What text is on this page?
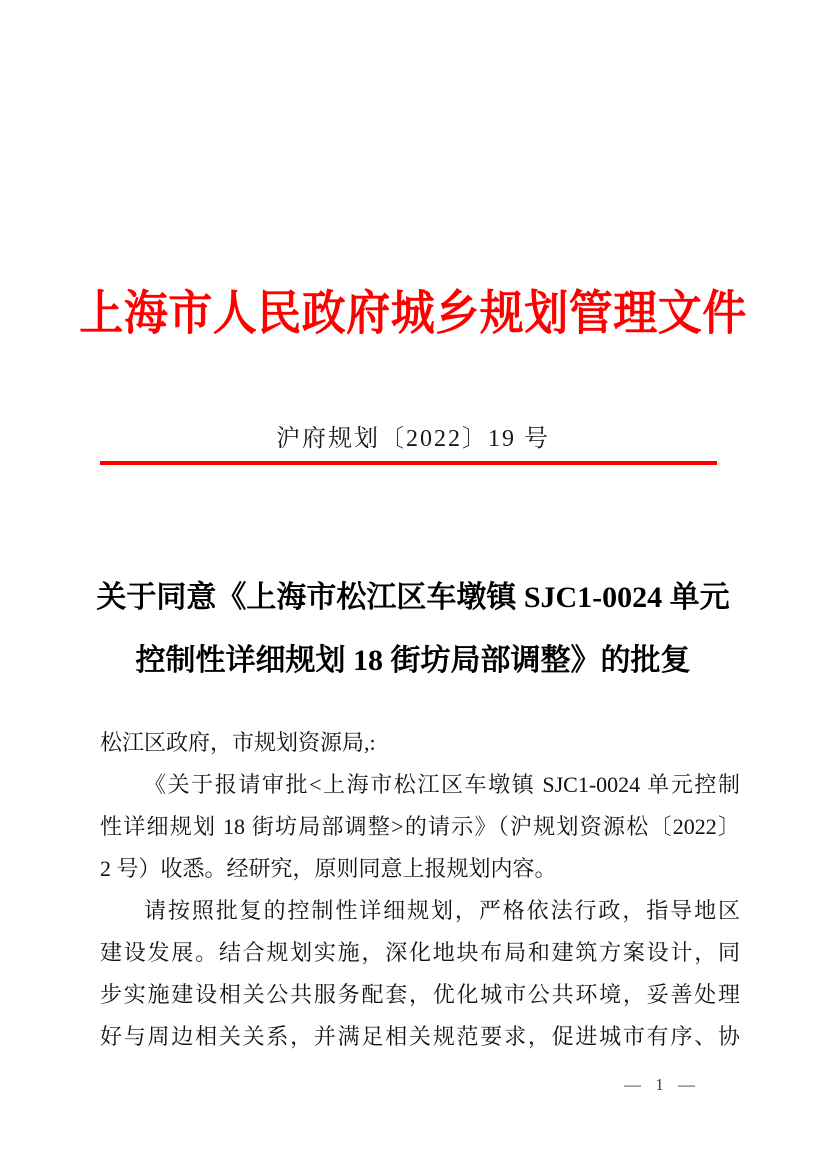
上海市人民政府城乡规划管理文件
沪府规划〔2022〕19 号
关于同意《上海市松江区车墩镇 SJC1-0024 单元
控制性详细规划 18 街坊局部调整》的批复
松江区政府，市规划资源局,:
《关于报请审批<上海市松江区车墩镇 SJC1-0024 单元控制
性详细规划 18 街坊局部调整>的请示》（沪规划资源松〔2022〕
2 号）收悉。经研究，原则同意上报规划内容。
请按照批复的控制性详细规划，严格依法行政，指导地区
建设发展。结合规划实施，深化地块布局和建筑方案设计，同
步实施建设相关公共服务配套，优化城市公共环境，妥善处理
好与周边相关关系，并满足相关规范要求，促进城市有序、协
— 1 —
